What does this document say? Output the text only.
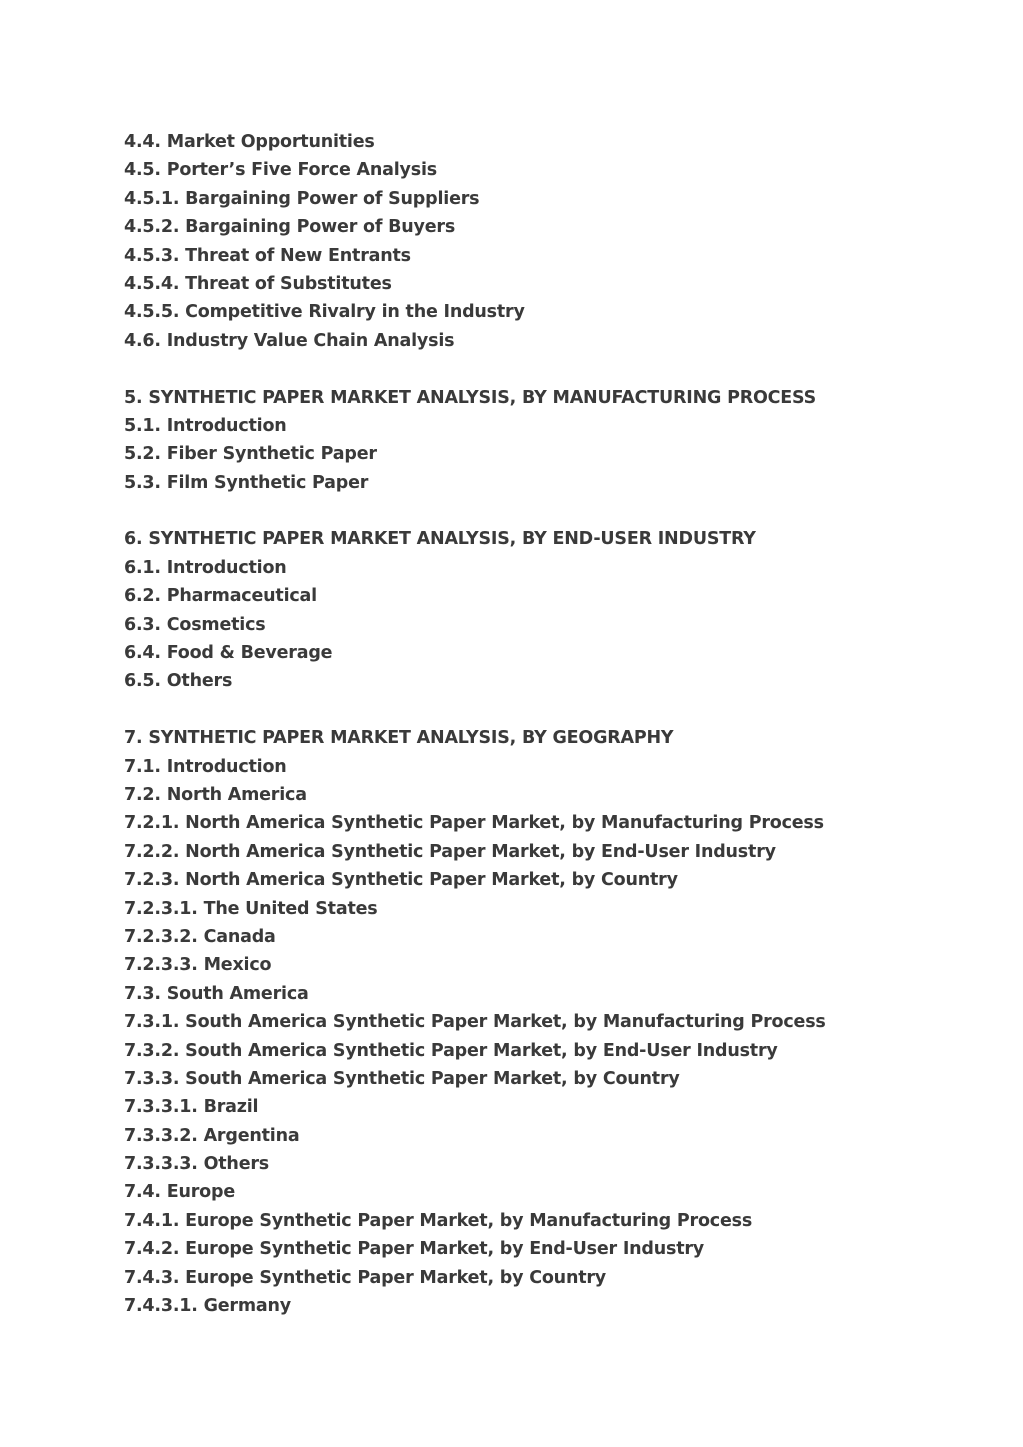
4.4. Market Opportunities
4.5. Porter’s Five Force Analysis
4.5.1. Bargaining Power of Suppliers
4.5.2. Bargaining Power of Buyers
4.5.3. Threat of New Entrants
4.5.4. Threat of Substitutes
4.5.5. Competitive Rivalry in the Industry
4.6. Industry Value Chain Analysis
5. SYNTHETIC PAPER MARKET ANALYSIS, BY MANUFACTURING PROCESS
5.1. Introduction
5.2. Fiber Synthetic Paper
5.3. Film Synthetic Paper
6. SYNTHETIC PAPER MARKET ANALYSIS, BY END-USER INDUSTRY
6.1. Introduction
6.2. Pharmaceutical
6.3. Cosmetics
6.4. Food & Beverage
6.5. Others
7. SYNTHETIC PAPER MARKET ANALYSIS, BY GEOGRAPHY
7.1. Introduction
7.2. North America
7.2.1. North America Synthetic Paper Market, by Manufacturing Process
7.2.2. North America Synthetic Paper Market, by End-User Industry
7.2.3. North America Synthetic Paper Market, by Country
7.2.3.1. The United States
7.2.3.2. Canada
7.2.3.3. Mexico
7.3. South America
7.3.1. South America Synthetic Paper Market, by Manufacturing Process
7.3.2. South America Synthetic Paper Market, by End-User Industry
7.3.3. South America Synthetic Paper Market, by Country
7.3.3.1. Brazil
7.3.3.2. Argentina
7.3.3.3. Others
7.4. Europe
7.4.1. Europe Synthetic Paper Market, by Manufacturing Process
7.4.2. Europe Synthetic Paper Market, by End-User Industry
7.4.3. Europe Synthetic Paper Market, by Country
7.4.3.1. Germany
